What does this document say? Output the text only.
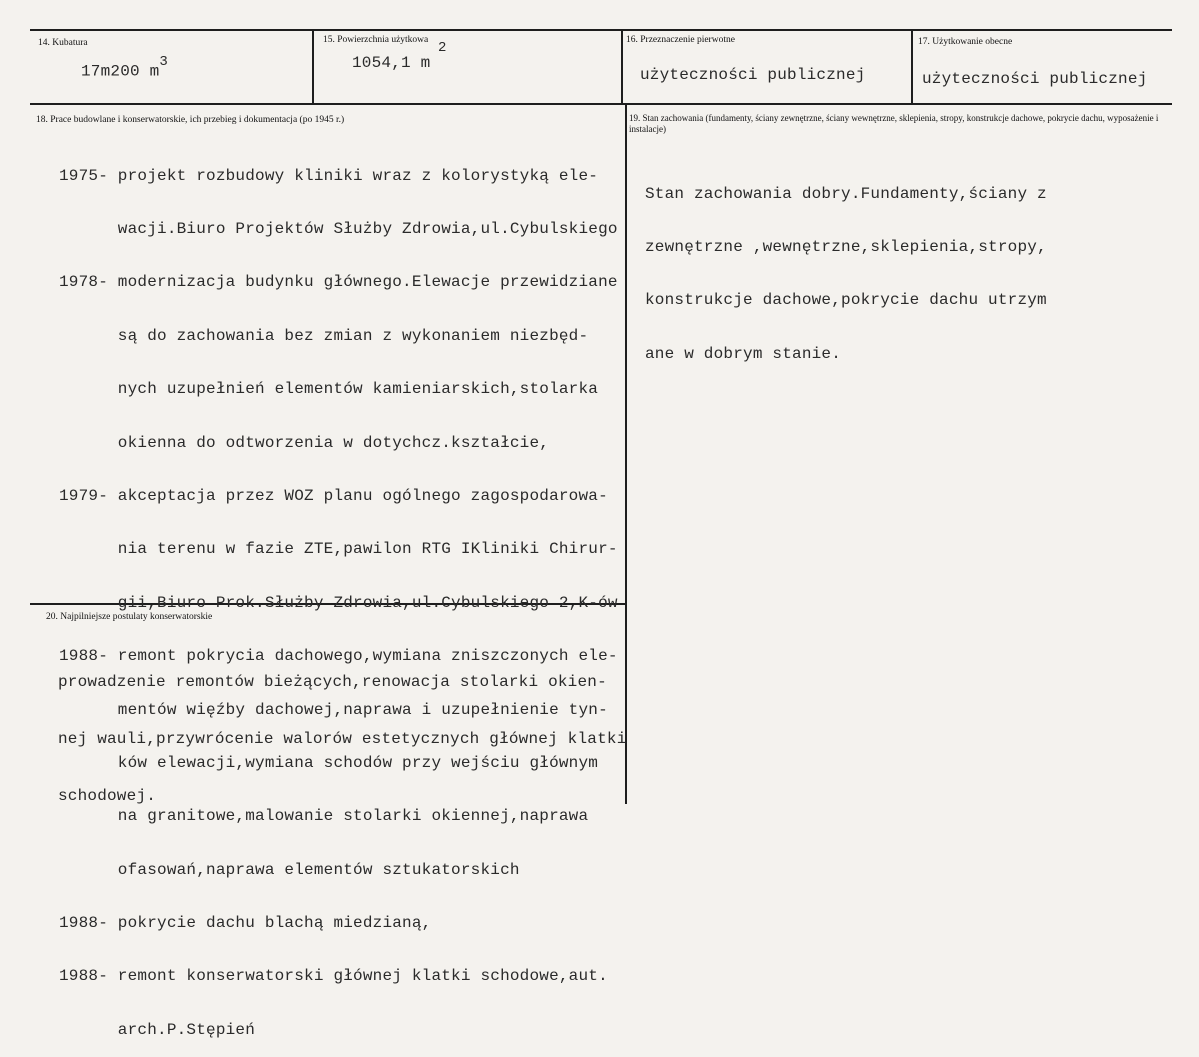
14. Kubatura
17m200 $m^3$
15. Powierzchnia użytkowa 2
1054,1 m
16. Przeznaczenie pierwotne
użyteczności publicznej
17. Użytkowanie obecne
użyteczności publicznej
18. Prace budowlane i konserwatorskie, ich przebieg i dokumentacja (po 1945 r.)

1975- projekt rozbudowy kliniki wraz z kolorystyką ele-

wacji.Biuro Projektów Służby Zdrowia,ul.Cybulskiego

1978- modernizacja budynku głównego.Elewacje przewidziane

są do zachowania bez zmian z wykonaniem niezbęd-

nych uzupełnień elementów kamieniarskich,stolarka

okienna do odtworzenia w dotychcz.kształcie,

1979- akceptacja przez WOZ planu ogólnego zagospodarowa-

nia terenu w fazie ZTE,pawilon RTG IKliniki Chirur-

gii,Biuro Prok.Służby Zdrowia,ul.Cybulskiego 2,K-ów

1988- remont pokrycia dachowego,wymiana zniszczonych ele-

mentów więźby dachowej,naprawa i uzupełnienie tyn-

ków elewacji,wymiana schodów przy wejściu głównym

na granitowe,malowanie stolarki okiennej,naprawa

ofasowań,naprawa elementów sztukatorskich

1988- pokrycie dachu blachą miedzianą,

1988- remont konserwatorski głównej klatki schodowe,aut.

arch.P.Stępień

19. Stan zachowania (fundamenty, ściany zewnętrzne, ściany wewnętrzne, sklepienia, stropy, konstrukcje dachowe, pokrycie dachu, wyposażenie i instalacje)

Stan zachowania dobry.Fundamenty,ściany z

zewnętrzne ,wewnętrzne,sklepienia,stropy,

konstrukcje dachowe,pokrycie dachu utrzym

ane w dobrym stanie.

20. Najpilniejsze postulaty konserwatorskie

prowadzenie remontów bieżących,renowacja stolarki okien-

nej wauli,przywrócenie walorów estetycznych głównej klatki

schodowej.
